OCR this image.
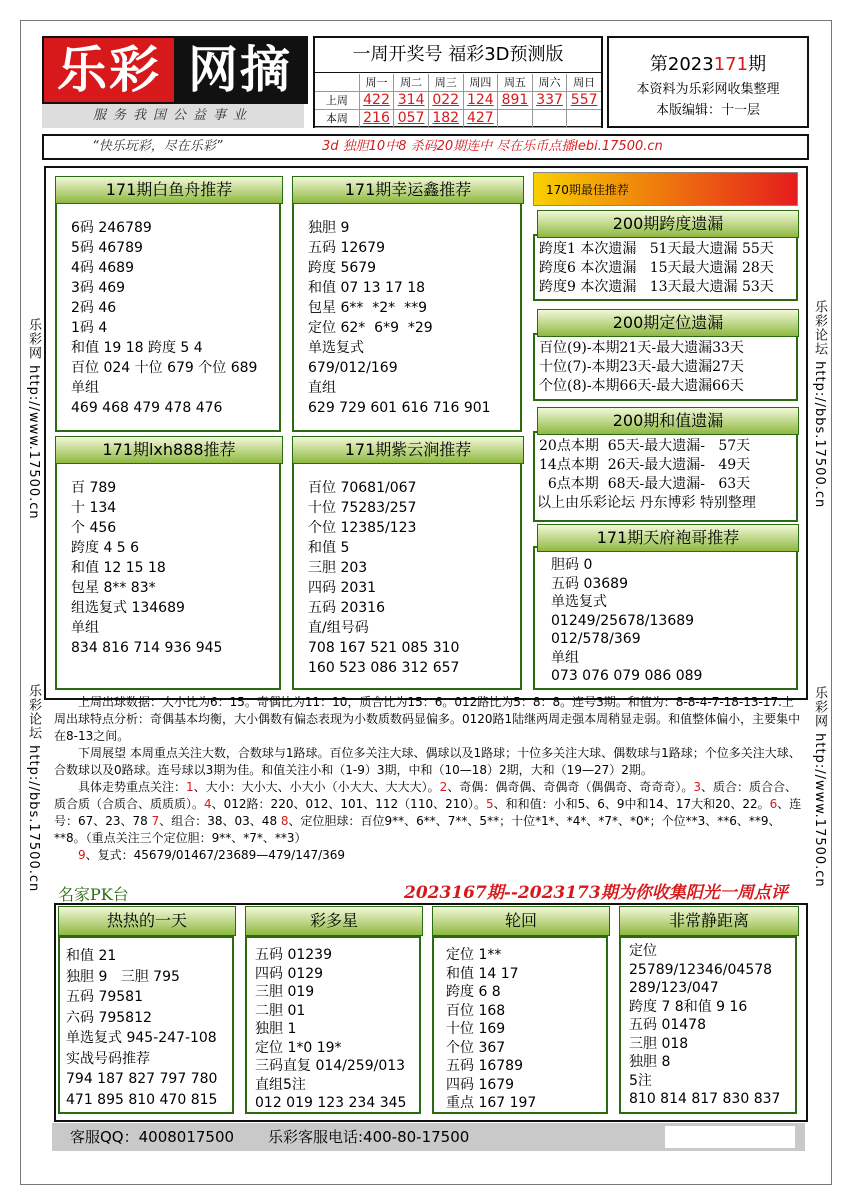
乐彩 网摘
服务我国公益事业
一周开奖号 福彩3D预测版
周一	周二	周三	周四	周五	周六	周日
上周	422 314 022 124 891 337 557
本周	216 057 182 427
第2023171期
本资料为乐彩网收集整理
本版编辑：十一层
“快乐玩彩，尽在乐彩”	3d 独胆10中8 杀码20期连中 尽在乐币点播lebi.17500.cn
乐彩网 http://www.17500.cn
乐彩论坛 http://bbs.17500.cn
乐彩论坛 http://bbs.17500.cn
乐彩网 http://www.17500.cn
6码 246789
5码 46789
4码 4689
3码 469
2码 46
1码 4
和值 19 18 跨度 5 4
百位 024 十位 679 个位 689
单组
469 468 479 478 476
171期白鱼舟推荐
独胆 9
五码 12679
跨度 5679
和值 07 13 17 18
包星 6**  *2*  **9
定位 62*  6*9  *29
单选复式
679/012/169
直组
629 729 601 616 716 901
171期幸运鑫推荐
百 789
十 134
个 456
跨度 4 5 6
和值 12 15 18
包星 8** 83*
组选复式 134689
单组
834 816 714 936 945
171期lxh888推荐
百位 70681/067
十位 75283/257
个位 12385/123
和值 5
三胆 203
四码 2031
五码 20316
直/组号码
708 167 521 085 310
160 523 086 312 657
171期紫云涧推荐
170期最佳推荐
跨度1 本次遗漏   51天最大遗漏 55天
跨度6 本次遗漏   15天最大遗漏 28天
跨度9 本次遗漏   13天最大遗漏 53天
200期跨度遗漏
百位(9)-本期21天-最大遗漏33天
十位(7)-本期23天-最大遗漏27天
个位(8)-本期66天-最大遗漏66天
200期定位遗漏
20点本期  65天-最大遗漏-   57天
14点本期  26天-最大遗漏-   49天
6点本期  68天-最大遗漏-   63天
以上由乐彩论坛 丹东博彩 特别整理
200期和值遗漏
胆码 0
五码 03689
单选复式
01249/25678/13689
012/578/369
单组
073 076 079 086 089
171期天府袍哥推荐

上周出球数据：大小比为6：15。奇偶比为11：10，质合比为15：6。012路比为5：8：8。连号3期。和值为：8-8-4-7-18-13-17.上周出球特点分析：奇偶基本均衡，大小偶数有偏态表现为小数质数码显偏多。0120路1陆继两周走强本周稍显走弱。和值整体偏小，主要集中在8-13之间。

下周展望 本周重点关注大数，合数球与1路球。百位多关注大球、偶球以及1路球；十位多关注大球、偶数球与1路球；个位多关注大球、合数球以及0路球。连号球以3期为佳。和值关注小和（1-9）3期，中和（10—18）2期，大和（19—27）2期。

具体走势重点关注：1、大小：大小大、小大小（小大大、大大大）。2、奇偶：偶奇偶、奇偶奇（偶偶奇、奇奇奇）。3、质合：质合合、质合质（合质合、质质质）。4、012路：220、012、101、112（110、210）。5、和和值：小和5、6、9中和14、17大和20、22。6、连号：67、23、78 7、组合：38、03、48 8、定位胆球：百位9**、6**、7**、5**；十位*1*、*4*、*7*、*0*；个位**3、**6、**9、**8。（重点关注三个定位胆：9**、*7*、**3）

9、复式：45679/01467/23689—479/147/369

名家PK台	2023167期--2023173期为你收集阳光一周点评
和值 21
独胆 9   三胆 795
五码 79581
六码 795812
单选复式 945-247-108
实战号码推荐
794 187 827 797 780
471 895 810 470 815
热热的一天
五码 01239
四码 0129
三胆 019
二胆 01
独胆 1
定位 1*0 19*
三码直复 014/259/013
直组5注
012 019 123 234 345
彩多星
定位 1**
和值 14 17
跨度 6 8
百位 168
十位 169
个位 367
五码 16789
四码 1679
重点 167 197
轮回
定位
25789/12346/04578
289/123/047
跨度 7 8和值 9 16
五码 01478
三胆 018
独胆 8
5注
810 814 817 830 837
非常静距离
客服QQ：4008017500 乐彩客服电话:400-80-17500
